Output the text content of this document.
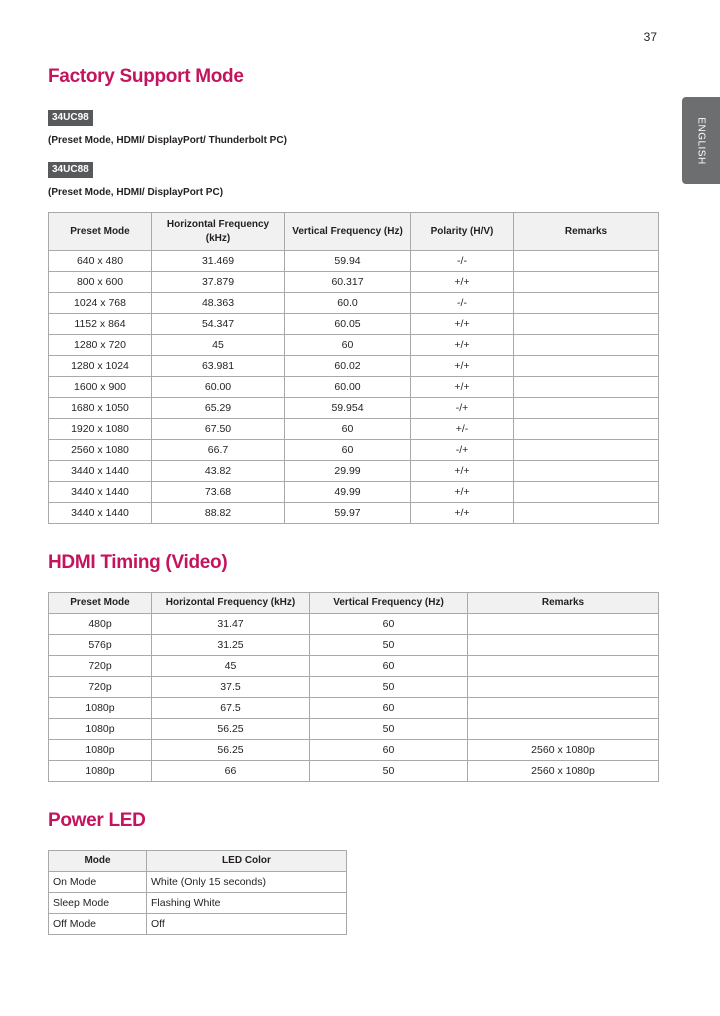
37
ENGLISH
Factory Support Mode
34UC98
(Preset Mode, HDMI/ DisplayPort/ Thunderbolt PC)
34UC88
(Preset Mode, HDMI/ DisplayPort PC)
Preset Mode	Horizontal Frequency (kHz)	Vertical Frequency (Hz)	Polarity (H/V)	Remarks
640 x 480	31.469	59.94	-/-	
800 x 600	37.879	60.317	+/+	
1024 x 768	48.363	60.0	-/-	
1152 x 864	54.347	60.05	+/+	
1280 x 720	45	60	+/+	
1280 x 1024	63.981	60.02	+/+	
1600 x 900	60.00	60.00	+/+	
1680 x 1050	65.29	59.954	-/+	
1920 x 1080	67.50	60	+/-	
2560 x 1080	66.7	60	-/+	
3440 x 1440	43.82	29.99	+/+	
3440 x 1440	73.68	49.99	+/+	
3440 x 1440	88.82	59.97	+/+	
HDMI Timing (Video)
Preset Mode	Horizontal Frequency (kHz)	Vertical Frequency (Hz)	Remarks
480p	31.47	60	
576p	31.25	50	
720p	45	60	
720p	37.5	50	
1080p	67.5	60	
1080p	56.25	50	
1080p	56.25	60	2560 x 1080p
1080p	66	50	2560 x 1080p
Power LED
Mode	LED Color
On Mode	White (Only 15 seconds)
Sleep Mode	Flashing White
Off Mode	Off
